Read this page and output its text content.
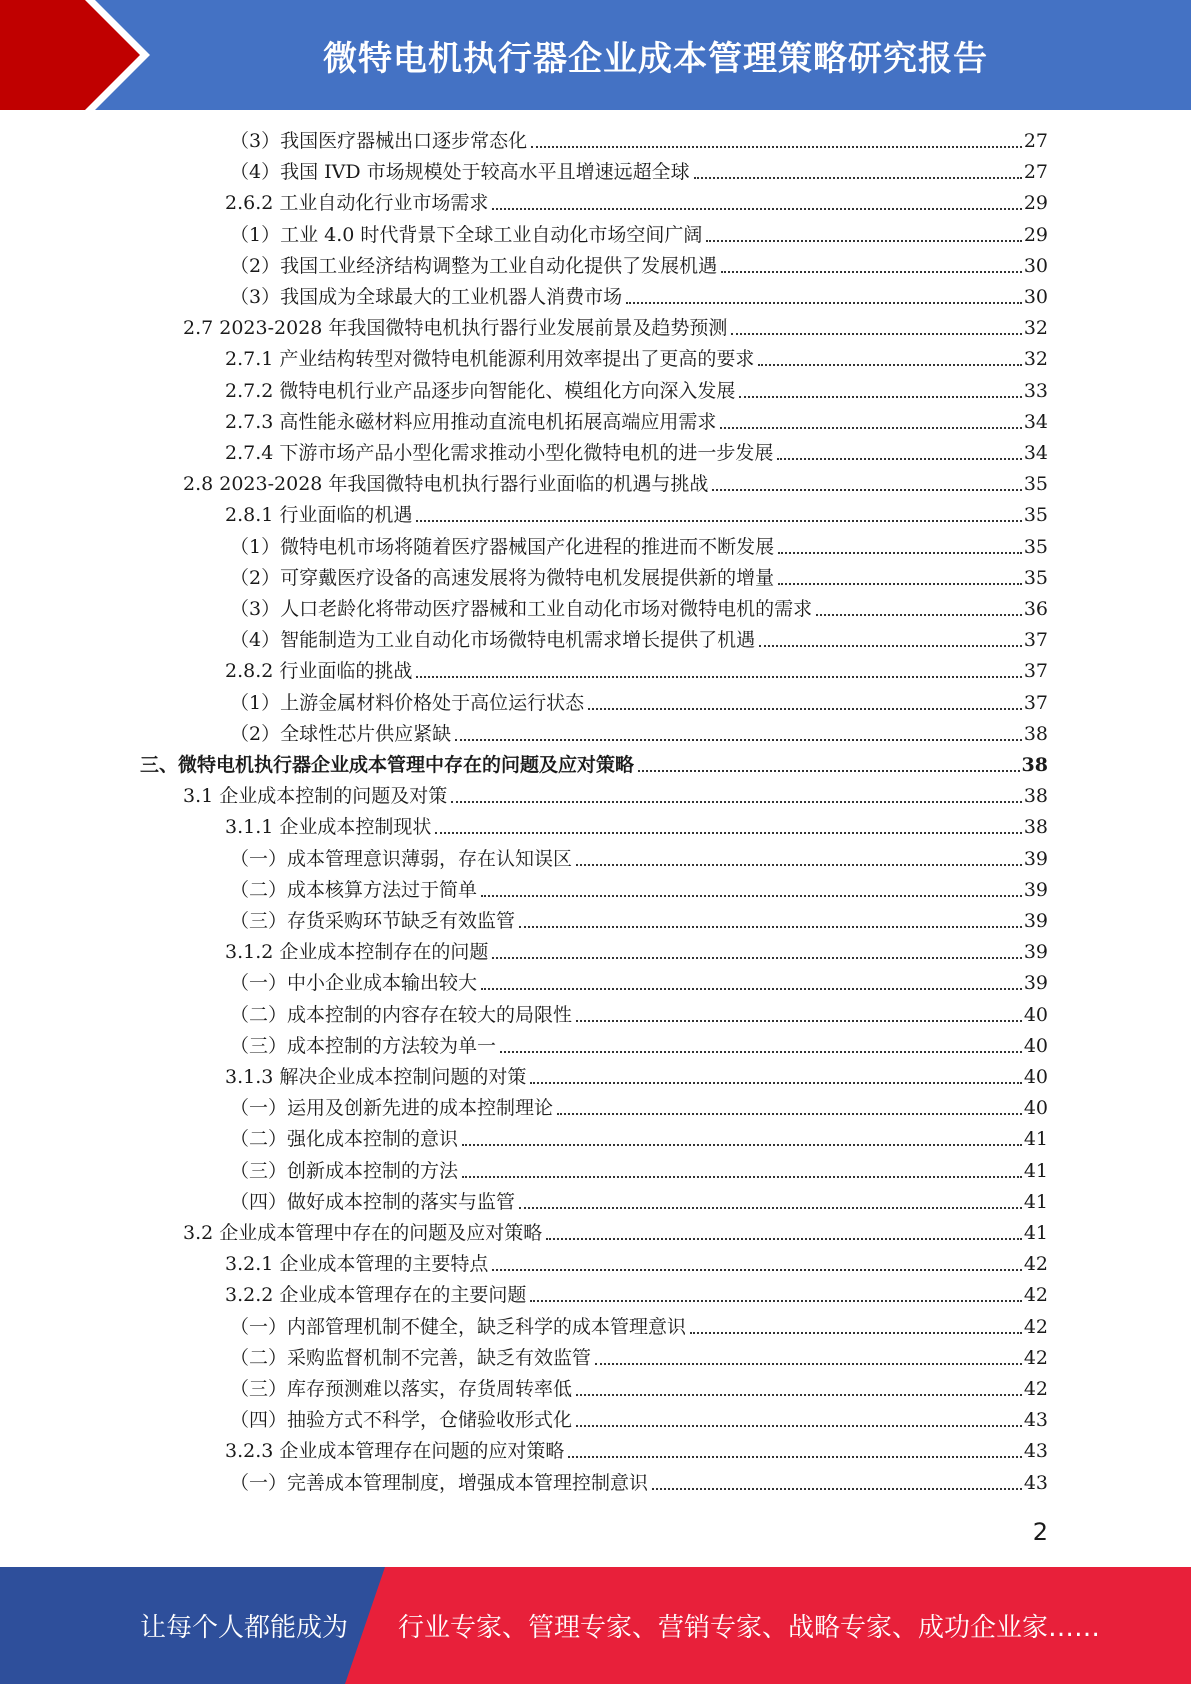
微特电机执行器企业成本管理策略研究报告
（3）我国医疗器械出口逐步常态化	27
（4）我国 IVD 市场规模处于较高水平且增速远超全球	27
2.6.2 工业自动化行业市场需求	29
（1）工业 4.0 时代背景下全球工业自动化市场空间广阔	29
（2）我国工业经济结构调整为工业自动化提供了发展机遇	30
（3）我国成为全球最大的工业机器人消费市场	30
2.7 2023-2028 年我国微特电机执行器行业发展前景及趋势预测	32
2.7.1 产业结构转型对微特电机能源利用效率提出了更高的要求	32
2.7.2 微特电机行业产品逐步向智能化、模组化方向深入发展	33
2.7.3 高性能永磁材料应用推动直流电机拓展高端应用需求	34
2.7.4 下游市场产品小型化需求推动小型化微特电机的进一步发展	34
2.8 2023-2028 年我国微特电机执行器行业面临的机遇与挑战	35
2.8.1 行业面临的机遇	35
（1）微特电机市场将随着医疗器械国产化进程的推进而不断发展	35
（2）可穿戴医疗设备的高速发展将为微特电机发展提供新的增量	35
（3）人口老龄化将带动医疗器械和工业自动化市场对微特电机的需求	36
（4）智能制造为工业自动化市场微特电机需求增长提供了机遇	37
2.8.2 行业面临的挑战	37
（1）上游金属材料价格处于高位运行状态	37
（2）全球性芯片供应紧缺	38
三、微特电机执行器企业成本管理中存在的问题及应对策略	38
3.1 企业成本控制的问题及对策	38
3.1.1 企业成本控制现状	38
（一）成本管理意识薄弱，存在认知误区	39
（二）成本核算方法过于简单	39
（三）存货采购环节缺乏有效监管	39
3.1.2 企业成本控制存在的问题	39
（一）中小企业成本输出较大	39
（二）成本控制的内容存在较大的局限性	40
（三）成本控制的方法较为单一	40
3.1.3 解决企业成本控制问题的对策	40
（一）运用及创新先进的成本控制理论	40
（二）强化成本控制的意识	41
（三）创新成本控制的方法	41
（四）做好成本控制的落实与监管	41
3.2 企业成本管理中存在的问题及应对策略	41
3.2.1 企业成本管理的主要特点	42
3.2.2 企业成本管理存在的主要问题	42
（一）内部管理机制不健全，缺乏科学的成本管理意识	42
（二）采购监督机制不完善，缺乏有效监管	42
（三）库存预测难以落实，存货周转率低	42
（四）抽验方式不科学，仓储验收形式化	43
3.2.3 企业成本管理存在问题的应对策略	43
（一）完善成本管理制度，增强成本管理控制意识	43
2
让每个人都能成为 行业专家、管理专家、营销专家、战略专家、成功企业家……
